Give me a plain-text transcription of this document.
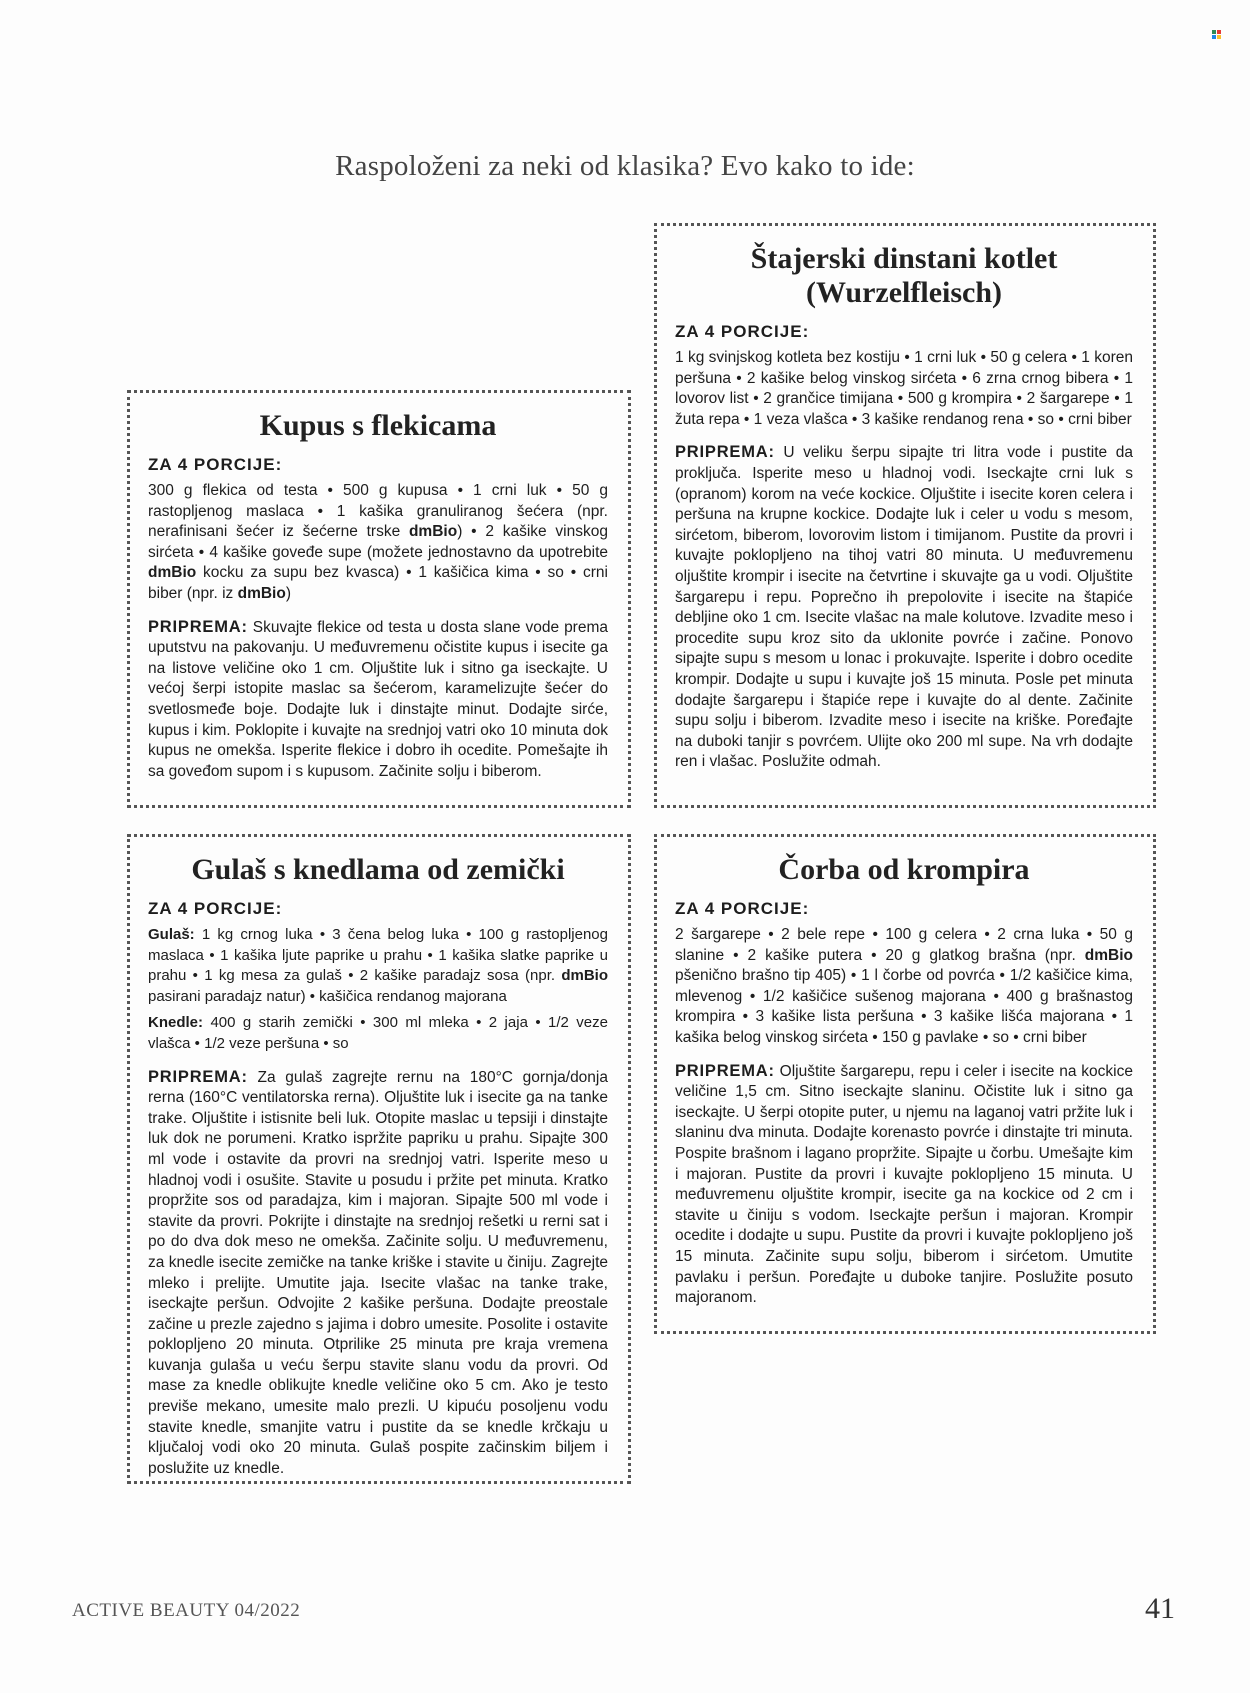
Raspoloženi za neki od klasika? Evo kako to ide:
Kupus s flekicama
ZA 4 PORCIJE:

300 g flekica od testa • 500 g kupusa • 1 crni luk • 50 g rastopljenog maslaca • 1 kašika granuliranog šećera (npr. nerafinisani šećer iz šećerne trske dmBio) • 2 kašike vinskog sirćeta • 4 kašike goveđe supe (možete jednostavno da upotrebite dmBio kocku za supu bez kvasca) • 1 kašičica kima • so • crni biber (npr. iz dmBio)

PRIPREMA: Skuvajte flekice od testa u dosta slane vode prema uputstvu na pakovanju. U međuvremenu očistite kupus i isecite ga na listove veličine oko 1 cm. Oljuštite luk i sitno ga iseckajte. U većoj šerpi istopite maslac sa šećerom, karamelizujte šećer do svetlosmeđe boje. Dodajte luk i dinstajte minut. Dodajte sirće, kupus i kim. Poklopite i kuvajte na srednjoj vatri oko 10 minuta dok kupus ne omekša. Isperite flekice i dobro ih ocedite. Pomešajte ih sa goveđom supom i s kupusom. Začinite solju i biberom.

Štajerski dinstani kotlet
(Wurzelfleisch)
ZA 4 PORCIJE:

1 kg svinjskog kotleta bez kostiju • 1 crni luk • 50 g celera • 1 koren peršuna • 2 kašike belog vinskog sirćeta • 6 zrna crnog bibera • 1 lovorov list • 2 grančice timijana • 500 g krompira • 2 šargarepe • 1 žuta repa • 1 veza vlašca • 3 kašike rendanog rena • so • crni biber

PRIPREMA: U veliku šerpu sipajte tri litra vode i pustite da proključa. Isperite meso u hladnoj vodi. Iseckajte crni luk s (opranom) korom na veće kockice. Oljuštite i isecite koren celera i peršuna na krupne kockice. Dodajte luk i celer u vodu s mesom, sirćetom, biberom, lovorovim listom i timijanom. Pustite da provri i kuvajte poklopljeno na tihoj vatri 80 minuta. U međuvremenu oljuštite krompir i isecite na četvrtine i skuvajte ga u vodi. Oljuštite šargarepu i repu. Poprečno ih prepolovite i isecite na štapiće debljine oko 1 cm. Isecite vlašac na male kolutove. Izvadite meso i procedite supu kroz sito da uklonite povrće i začine. Ponovo sipajte supu s mesom u lonac i prokuvajte. Isperite i dobro ocedite krompir. Dodajte u supu i kuvajte još 15 minuta. Posle pet minuta dodajte šargarepu i štapiće repe i kuvajte do al dente. Začinite supu solju i biberom. Izvadite meso i isecite na kriške. Poređajte na duboki tanjir s povrćem. Ulijte oko 200 ml supe. Na vrh dodajte ren i vlašac. Poslužite odmah.

Gulaš s knedlama od zemički
ZA 4 PORCIJE:

Gulaš: 1 kg crnog luka • 3 čena belog luka • 100 g rastopljenog maslaca • 1 kašika ljute paprike u prahu • 1 kašika slatke paprike u prahu • 1 kg mesa za gulaš • 2 kašike paradajz sosa (npr. dmBio pasirani paradajz natur) • kašičica rendanog majorana

Knedle: 400 g starih zemički • 300 ml mleka • 2 jaja • 1/2 veze vlašca • 1/2 veze peršuna • so

PRIPREMA: Za gulaš zagrejte rernu na 180°C gornja/donja rerna (160°C ventilatorska rerna). Oljuštite luk i isecite ga na tanke trake. Oljuštite i istisnite beli luk. Otopite maslac u tepsiji i dinstajte luk dok ne porumeni. Kratko ispržite papriku u prahu. Sipajte 300 ml vode i ostavite da provri na srednjoj vatri. Isperite meso u hladnoj vodi i osušite. Stavite u posudu i pržite pet minuta. Kratko propržite sos od paradajza, kim i majoran. Sipajte 500 ml vode i stavite da provri. Pokrijte i dinstajte na srednjoj rešetki u rerni sat i po do dva dok meso ne omekša. Začinite solju. U međuvremenu, za knedle isecite zemičke na tanke kriške i stavite u činiju. Zagrejte mleko i prelijte. Umutite jaja. Isecite vlašac na tanke trake, iseckajte peršun. Odvojite 2 kašike peršuna. Dodajte preostale začine u prezle zajedno s jajima i dobro umesite. Posolite i ostavite poklopljeno 20 minuta. Otprilike 25 minuta pre kraja vremena kuvanja gulaša u veću šerpu stavite slanu vodu da provri. Od mase za knedle oblikujte knedle veličine oko 5 cm. Ako je testo previše mekano, umesite malo prezli. U kipuću posoljenu vodu stavite knedle, smanjite vatru i pustite da se knedle krčkaju u ključaloj vodi oko 20 minuta. Gulaš pospite začinskim biljem i poslužite uz knedle.

Čorba od krompira
ZA 4 PORCIJE:

2 šargarepe • 2 bele repe • 100 g celera • 2 crna luka • 50 g slanine • 2 kašike putera • 20 g glatkog brašna (npr. dmBio pšenično brašno tip 405) • 1 l čorbe od povrća • 1/2 kašičice kima, mlevenog • 1/2 kašičice sušenog majorana • 400 g brašnastog krompira • 3 kašike lista peršuna • 3 kašike lišća majorana • 1 kašika belog vinskog sirćeta • 150 g pavlake • so • crni biber

PRIPREMA: Oljuštite šargarepu, repu i celer i isecite na kockice veličine 1,5 cm. Sitno iseckajte slaninu. Očistite luk i sitno ga iseckajte. U šerpi otopite puter, u njemu na laganoj vatri pržite luk i slaninu dva minuta. Dodajte korenasto povrće i dinstajte tri minuta. Pospite brašnom i lagano propržite. Sipajte u čorbu. Umešajte kim i majoran. Pustite da provri i kuvajte poklopljeno 15 minuta. U međuvremenu oljuštite krompir, isecite ga na kockice od 2 cm i stavite u činiju s vodom. Iseckajte peršun i majoran. Krompir ocedite i dodajte u supu. Pustite da provri i kuvajte poklopljeno još 15 minuta. Začinite supu solju, biberom i sirćetom. Umutite pavlaku i peršun. Poređajte u duboke tanjire. Poslužite posuto majoranom.

ACTIVE BEAUTY 04/2022	41
